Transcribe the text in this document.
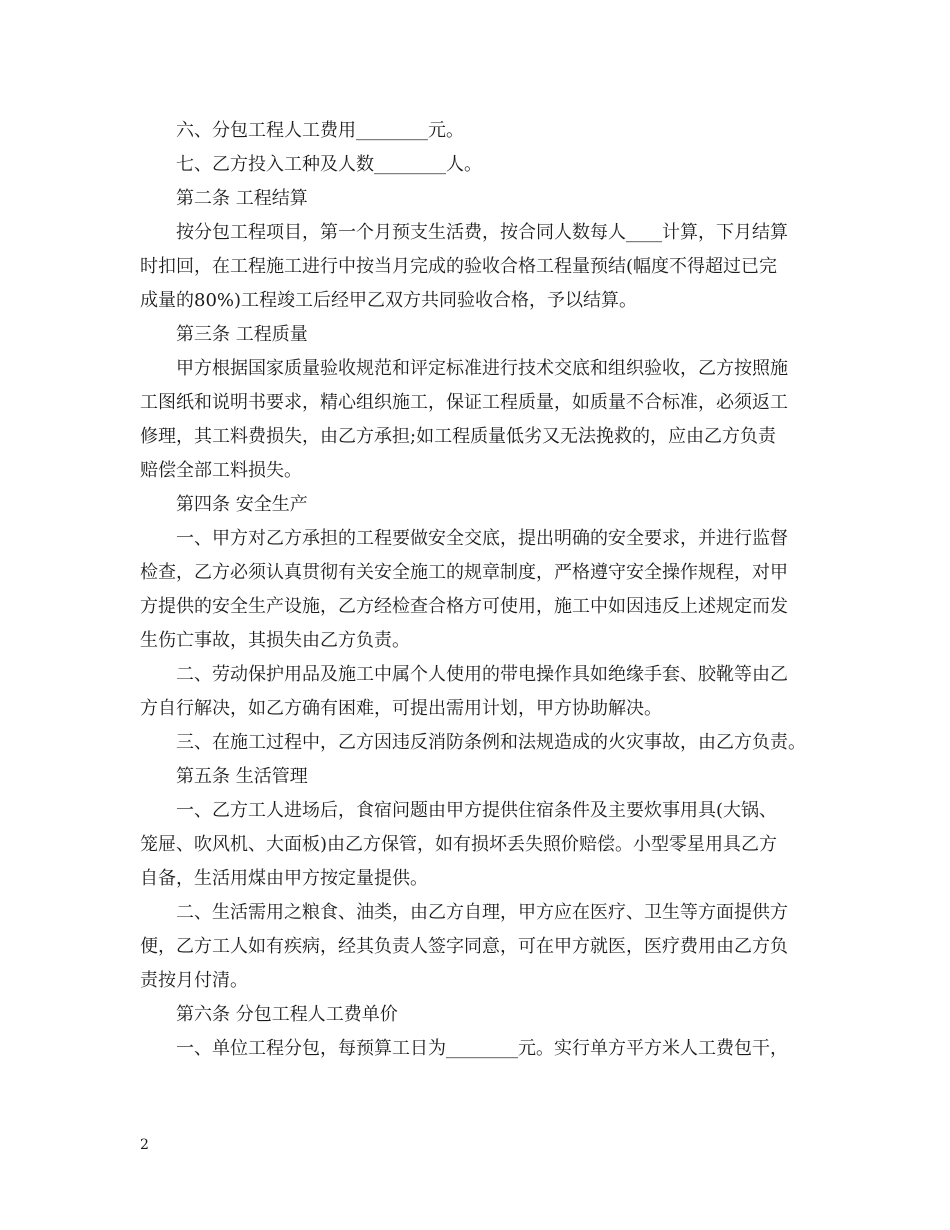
六、分包工程人工费用________元。
七、乙方投入工种及人数________人。
第二条 工程结算
按分包工程项目，第一个月预支生活费，按合同人数每人____计算，下月结算
时扣回，在工程施工进行中按当月完成的验收合格工程量预结(幅度不得超过已完
成量的80%)工程竣工后经甲乙双方共同验收合格，予以结算。
第三条 工程质量
甲方根据国家质量验收规范和评定标准进行技术交底和组织验收，乙方按照施
工图纸和说明书要求，精心组织施工，保证工程质量，如质量不合标准，必须返工
修理，其工料费损失，由乙方承担;如工程质量低劣又无法挽救的，应由乙方负责
赔偿全部工料损失。
第四条 安全生产
一、甲方对乙方承担的工程要做安全交底，提出明确的安全要求，并进行监督
检查，乙方必须认真贯彻有关安全施工的规章制度，严格遵守安全操作规程，对甲
方提供的安全生产设施，乙方经检查合格方可使用，施工中如因违反上述规定而发
生伤亡事故，其损失由乙方负责。
二、劳动保护用品及施工中属个人使用的带电操作具如绝缘手套、胶靴等由乙
方自行解决，如乙方确有困难，可提出需用计划，甲方协助解决。
三、在施工过程中，乙方因违反消防条例和法规造成的火灾事故，由乙方负责。
第五条 生活管理
一、乙方工人进场后，食宿问题由甲方提供住宿条件及主要炊事用具(大锅、
笼屉、吹风机、大面板)由乙方保管，如有损坏丢失照价赔偿。小型零星用具乙方
自备，生活用煤由甲方按定量提供。
二、生活需用之粮食、油类，由乙方自理，甲方应在医疗、卫生等方面提供方
便，乙方工人如有疾病，经其负责人签字同意，可在甲方就医，医疗费用由乙方负
责按月付清。
第六条 分包工程人工费单价
一、单位工程分包，每预算工日为________元。实行单方平方米人工费包干，
2
